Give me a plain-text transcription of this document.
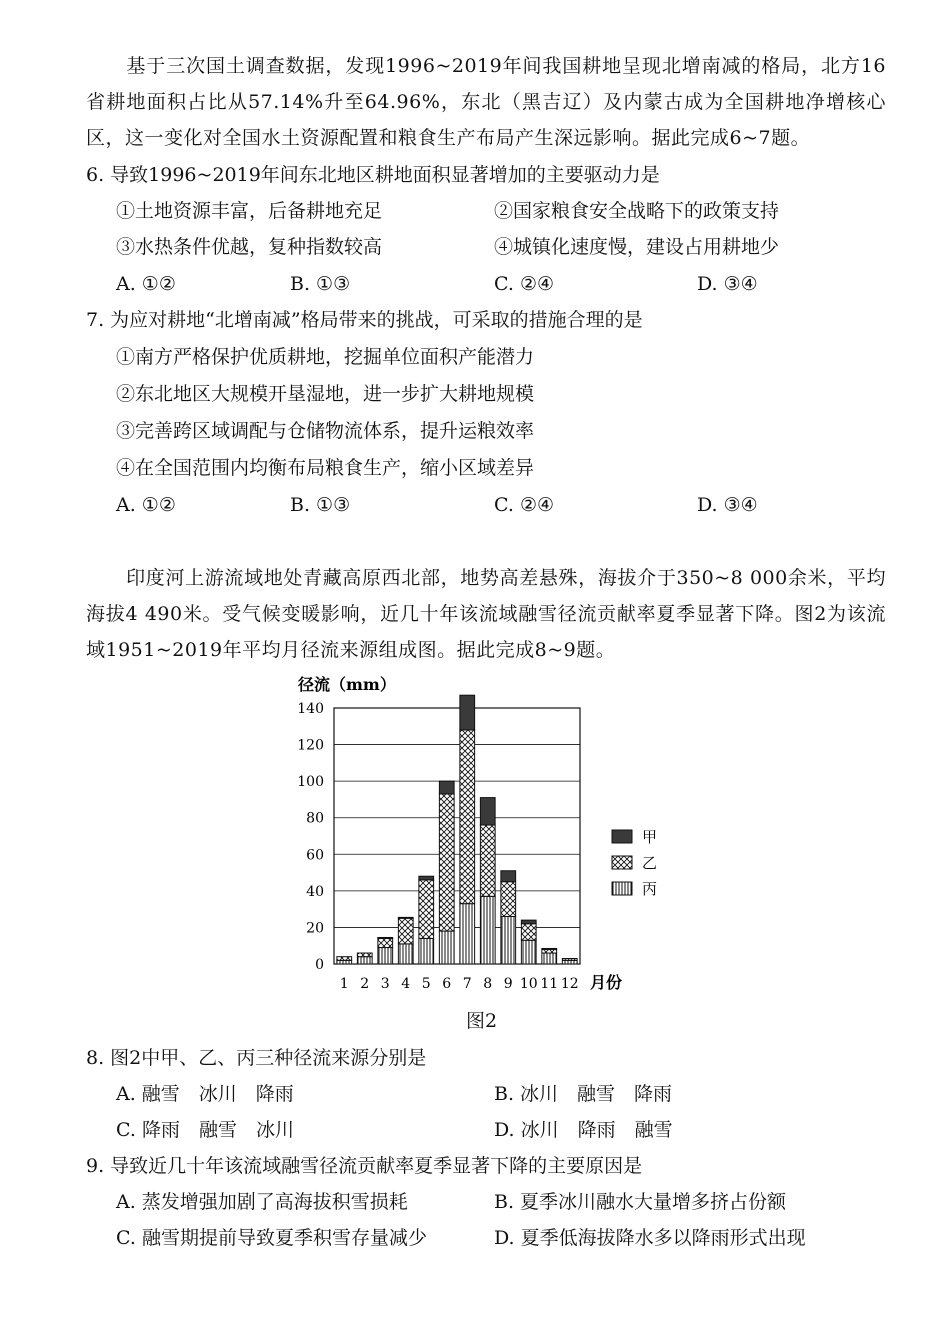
基于三次国土调查数据，发现1996~2019年间我国耕地呈现北增南减的格局，北方16省耕地面积占比从57.14%升至64.96%，东北（黑吉辽）及内蒙古成为全国耕地净增核心区，这一变化对全国水土资源配置和粮食生产布局产生深远影响。据此完成6~7题。
6. 导致1996~2019年间东北地区耕地面积显著增加的主要驱动力是
①土地资源丰富，后备耕地充足	②国家粮食安全战略下的政策支持
③水热条件优越，复种指数较高	④城镇化速度慢，建设占用耕地少
A. ①②	B. ①③	C. ②④	D. ③④
7. 为应对耕地“北增南减”格局带来的挑战，可采取的措施合理的是
①南方严格保护优质耕地，挖掘单位面积产能潜力
②东北地区大规模开垦湿地，进一步扩大耕地规模
③完善跨区域调配与仓储物流体系，提升运粮效率
④在全国范围内均衡布局粮食生产，缩小区域差异
A. ①②	B. ①③	C. ②④	D. ③④
印度河上游流域地处青藏高原西北部，地势高差悬殊，海拔介于350~8 000余米，平均海拔4 490米。受气候变暖影响，近几十年该流域融雪径流贡献率夏季显著下降。图2为该流域1951~2019年平均月径流来源组成图。据此完成8~9题。
径流（mm）
0
20
40
60
80
100
120
140
1 2 3 4 5 6 7 8 9 10 11 12 月份
甲
乙
丙
图2
8. 图2中甲、乙、丙三种径流来源分别是
A. 融雪　冰川　降雨	B. 冰川　融雪　降雨
C. 降雨　融雪　冰川	D. 冰川　降雨　融雪
9. 导致近几十年该流域融雪径流贡献率夏季显著下降的主要原因是
A. 蒸发增强加剧了高海拔积雪损耗	B. 夏季冰川融水大量增多挤占份额
C. 融雪期提前导致夏季积雪存量减少	D. 夏季低海拔降水多以降雨形式出现
